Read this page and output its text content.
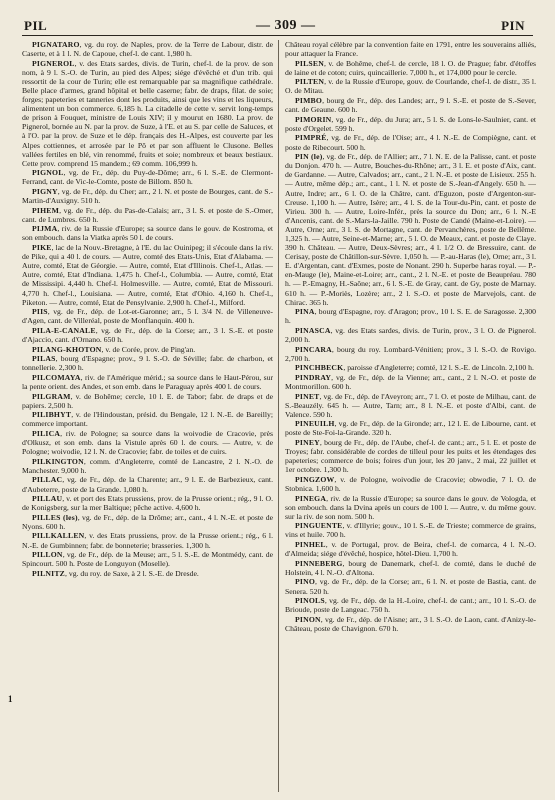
PIL	— 309 —	PIN

PIGNATARO, vg. du roy. de Naples, prov. de la Terre de Labour, distr. de Caserte, et à 1 l. N. de Capoue, chef-l. de cant. 1,980 h.

PIGNEROL, v. des Etats sardes, divis. de Turin, chef-l. de la prov. de son nom, à 9 l. S.-O. de Turin, au pied des Alpes; siége d'évêché et d'un trib. qui ressortit de la cour de Turin; elle est remarquable par sa magnifique cathédrale. Belle place d'armes, grand hôpital et belle caserne; fabr. de draps, filat. de soie; forges; papeteries et tanneries dont les produits, ainsi que les vins et les liqueurs, alimentent un bon commerce. 6,185 h. La citadelle de cette v. servit long-temps de prison à Fouquet, ministre de Louis XIV; il y mourut en 1680. La prov. de Pignerol, bornée au N. par la prov. de Suze, à l'E. et au S. par celle de Saluces, et à l'O. par la prov. de Suze et le dép. français des H.-Alpes, est couverte par les Alpes cottiennes, et arrosée par le Pô et par son affluent le Clusone. Belles vallées fertiles en blé, vin renommé, fruits et soie; nombreux et beaux bestiaux. Cette prov. comprend 15 mandem.; 69 comm. 106,999 h.

PIGNOL, vg. de Fr., dép. du Puy-de-Dôme; arr., 6 l. S.-E. de Clermont-Ferrand, cant. de Vic-le-Comte, poste de Billom. 850 h.

PIGNY, vg. de Fr., dép. du Cher; arr., 2 l. N. et poste de Bourges, cant. de S.-Martin-d'Auxigny. 510 h.

PIHEM, vg. de Fr., dép. du Pas-de-Calais; arr., 3 l. S. et poste de S.-Omer, cant. de Lumbres. 650 h.

PIJMA, riv. de la Russie d'Europe; sa source dans le gouv. de Kostroma, et son embouch. dans la Viatka après 50 l. de cours.

PIKE, lac de la Nouv.-Bretagne, à l'E. du lac Ouinipeg; il s'écoule dans la riv. de Pike, qui a 40 l. de cours. — Autre, comté des Etats-Unis, Etat d'Alabama. — Autre, comté, Etat de Géorgie. — Autre, comté, Etat d'Illinois. Chef-l., Atlas. — Autre, comté, Etat d'Indiana. 1,475 h. Chef-l., Columbia. — Autre, comté, Etat de Mississipi. 4,440 h. Chef-l. Holmesville. — Autre, comté, Etat de Missouri. 4,770 h. Chef-l., Louisiana. — Autre, comté, Etat d'Ohio. 4,160 h. Chef-l., Piketon. — Autre, comté, Etat de Pensylvanie. 2,900 h. Chef-l., Milford.

PIIS, vg. de Fr., dép. de Lot-et-Garonne; arr., 5 l. 3/4 N. de Villeneuve-d'Agen, cant. de Villeréal, poste de Monflanquin. 400 h.

PILA-E-CANALE, vg. de Fr., dép. de la Corse; arr., 3 l. S.-E. et poste d'Ajaccio, cant. d'Ornano. 650 h.

PILANG-KHOTON, v. de Corée, prov. de Ping'an.

PILAS, bourg d'Espagne; prov., 9 l. S.-O. de Séville; fabr. de charbon, et tonnellerie. 2,300 h.

PILCOMAYA, riv. de l'Amérique mérid.; sa source dans le Haut-Pérou, sur la pente orient. des Andes, et son emb. dans le Paraguay après 400 l. de cours.

PILGRAM, v. de Bohême; cercle, 10 l. E. de Tabor; fabr. de draps et de papiers. 2,500 h.

PILIBHYT, v. de l'Hindoustan, présid. du Bengale, 12 l. N.-E. de Bareilly; commerce important.

PILICA, riv. de Pologne; sa source dans la woivodie de Cracovie, près d'Olkusz, et son emb. dans la Vistule après 60 l. de cours. — Autre, v. de Pologne; woivodie, 12 l. N. de Cracovie; fabr. de toiles et de cuirs.

PILKINGTON, comm. d'Angleterre, comté de Lancastre, 2 l. N.-O. de Manchester. 9,000 h.

PILLAC, vg. de Fr., dép. de la Charente; arr., 9 l. E. de Barbezieux, cant. d'Aubeterre, poste de la Grande. 1,080 h.

PILLAU, v. et port des Etats prussiens, prov. de la Prusse orient.; rég., 9 l. O. de Konigsberg, sur la mer Baltique; pêche active. 4,600 h.

PILLES (les), vg. de Fr., dép. de la Drôme; arr., cant., 4 l. N.-E. et poste de Nyons. 600 h.

PILLKALLEN, v. des Etats prussiens, prov. de la Prusse orient.; rég., 6 l. N.-E. de Gumbinnen; fabr. de bonneterie; brasseries. 1,300 h.

PILLON, vg. de Fr., dép. de la Meuse; arr., 5 l. S.-E. de Montmédy, cant. de Spincourt. 500 h. Poste de Longuyon (Moselle).

PILNITZ, vg. du roy. de Saxe, à 2 l. S.-E. de Dresde.

Château royal célèbre par la convention faite en 1791, entre les souverains alliés, pour attaquer la France.

PILSEN, v. de Bohême, chef-l. de cercle, 18 l. O. de Prague; fabr. d'étoffes de laine et de coton; cuirs, quincaillerie. 7,000 h., et 174,000 pour le cercle.

PILTEN, v. de la Russie d'Europe, gouv. de Courlande, chef-l. de distr., 35 l. O. de Mitau.

PIMBO, bourg de Fr., dép. des Landes; arr., 9 l. S.-E. et poste de S.-Sever, cant. de Geaune. 600 h.

PIMORIN, vg. de Fr., dép. du Jura; arr., 5 l. S. de Lons-le-Saulnier, cant. et poste d'Orgelet. 599 h.

PIMPRÉ, vg. de Fr., dép. de l'Oise; arr., 4 l. N.-E. de Compiègne, cant. et poste de Ribecourt. 500 h.

PIN (le), vg. de Fr., dép. de l'Allier; arr., 7 l. N. E. de la Palisse, cant. et poste du Donjon. 470 h. — Autre, Bouches-du-Rhône; arr., 3 l. E. et poste d'Aix, cant. de Gardanne. — Autre, Calvados; arr., cant., 2 l. N.-E. et poste de Lisieux. 255 h. — Autre, même dép.; arr., cant., 1 l. N. et poste de S.-Jean-d'Angely. 650 h. — Autre, Indre; arr., 6 l. O. de la Châtre, cant. d'Eguzon, poste d'Argenton-sur-Creuse. 1,100 h. — Autre, Isère; arr., 4 l. S. de la Tour-du-Pin, cant. et poste de Virieu. 300 h. — Autre, Loire-Infér., près la source du Don; arr., 6 l. N.-E d'Ancenis, cant. de S.-Mars-la-Jaille. 790 h. Poste de Candé (Maine-et-Loire). — Autre, Orne; arr., 3 l. S. de Mortagne, cant. de Pervanchères, poste de Bellême. 1,325 h. — Autre, Seine-et-Marne; arr., 5 l. O. de Meaux, cant. et poste de Claye. 390 h. Château. — Autre, Deux-Sèvres; arr., 4 l. 1/2 O. de Bressuire, cant. de Cerisay, poste de Châtillon-sur-Sèvre. 1,050 h. — P.-au-Haras (le), Orne; arr., 3 l. E. d'Argentan, cant. d'Exmes, poste de Nonant. 290 h. Superbe haras royal. — P.-en-Mauge (le), Maine-et-Loire; arr., cant., 2 l. N.-E. et poste de Beaupréau. 780 h. — P.-Emagny, H.-Saône; arr., 6 l. S.-E. de Gray, cant. de Gy, poste de Marnay. 610 h. — P.-Moriès, Lozère; arr., 2 l. S.-O. et poste de Marvejols, cant. de Chirac. 365 h.

PINA, bourg d'Espagne, roy. d'Aragon; prov., 10 l. S. E. de Saragosse. 2,300 h.

PINASCA, vg. des Etats sardes, divis. de Turin, prov., 3 l. O. de Pignerol. 2,000 h.

PINCARA, bourg du roy. Lombard-Vénitien; prov., 3 l. S.-O. de Rovigo. 2,700 h.

PINCHBECK, paroisse d'Angleterre; comté, 12 l. S.-E. de Lincoln. 2,100 h.

PINDRAY, vg. de Fr., dép. de la Vienne; arr., cant., 2 l. N.-O. et poste de Montmorillon. 600 h.

PINET, vg. de Fr., dép. de l'Aveyron; arr., 7 l. O. et poste de Milhau, cant. de S.-Beauzély. 645 h. — Autre, Tarn; arr., 8 l. N.-E. et poste d'Albi, cant. de Valence. 590 h.

PINEUILH, vg. de Fr., dép. de la Gironde; arr., 12 l. E. de Libourne, cant. et poste de Ste-Foi-la-Grande. 320 h.

PINEY, bourg de Fr., dép. de l'Aube, chef-l. de cant.; arr., 5 l. E. et poste de Troyes; fabr. considérable de cordes de tilleul pour les puits et les étendages des papeteries; commerce de bois; foires d'un jour, les 20 janv., 2 mai, 22 juillet et 1er octobre. 1,300 h.

PINGZOW, v. de Pologne, woivodie de Cracovie; obwodie, 7 l. O. de Stobnica. 1,600 h.

PINEGA, riv. de la Russie d'Europe; sa source dans le gouv. de Vologda, et son embouch. dans la Dvina après un cours de 100 l. — Autre, v. du même gouv. sur la riv. de son nom. 500 h.

PINGUENTE, v. d'Illyrie; gouv., 10 l. S.-E. de Trieste; commerce de grains, vins et huile. 700 h.

PINHEL, v. de Portugal, prov. de Beira, chef-l. de comarca, 4 l. N.-O. d'Almeida; siége d'évêché, hospice, hôtel-Dieu. 1,700 h.

PINNEBERG, bourg de Danemark, chef-l. de comté, dans le duché de Holstein, 4 l. N.-O. d'Altona.

PINO, vg. de Fr., dép. de la Corse; arr., 6 l. N. et poste de Bastia, cant. de Senera. 520 h.

PINOLS, vg. de Fr., dép. de la H.-Loire, chef-l. de cant.; arr., 10 l. S.-O. de Brioude, poste de Langeac. 750 h.

PINON, vg. de Fr., dép. de l'Aisne; arr., 3 l. S.-O. de Laon, cant. d'Anizy-le-Château, poste de Chavignon. 670 h.

1
